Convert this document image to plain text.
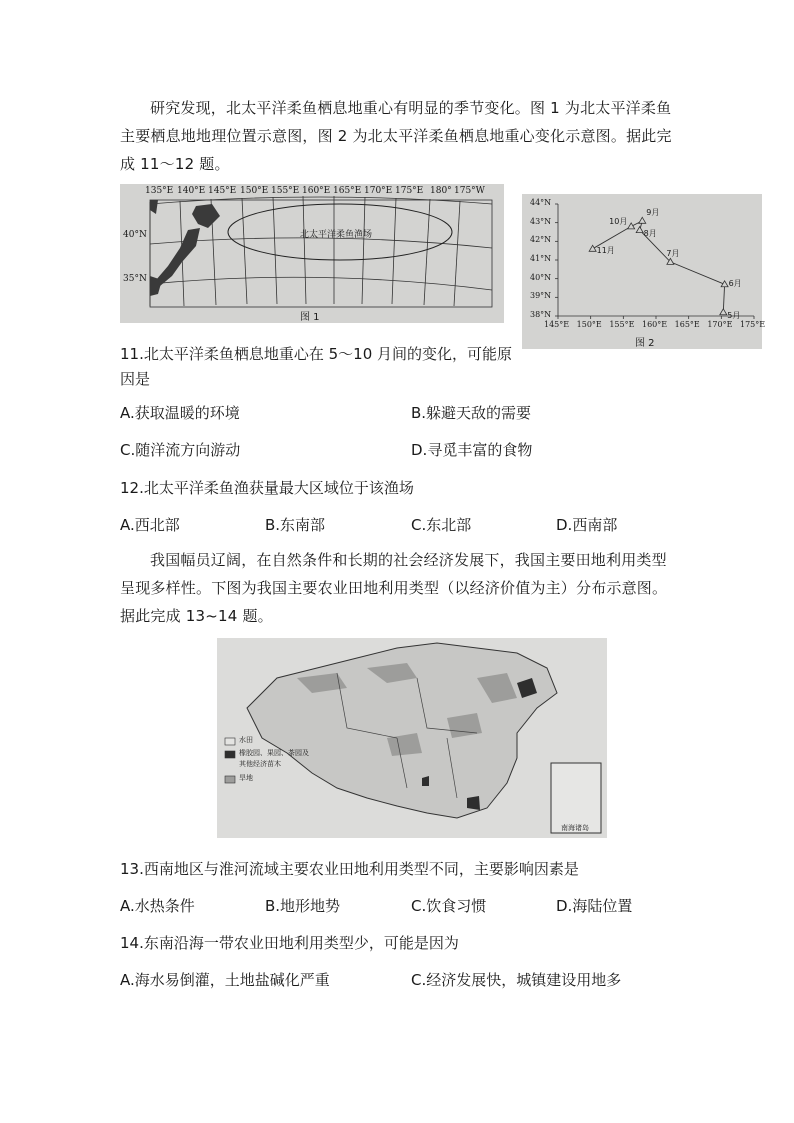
研究发现，北太平洋柔鱼栖息地重心有明显的季节变化。图 1 为北太平洋柔鱼主要栖息地地理位置示意图，图 2 为北太平洋柔鱼栖息地重心变化示意图。据此完成 11～12 题。

135°E 140°E 145°E 150°E 155°E 160°E 165°E 170°E 175°E 180° 175°W
40°N
35°N
北太平洋柔鱼渔场
图 1
图 2
44°N
43°N
42°N
41°N
40°N
39°N
38°N
145°E 150°E 155°E 160°E 165°E 170°E 175°E
5月
6月
7月
8月
9月
10月
11月

11.北太平洋柔鱼栖息地重心在 5～10 月间的变化，可能原因是

A.获取温暖的环境	B.躲避天敌的需要
C.随洋流方向游动	D.寻觅丰富的食物

12.北太平洋柔鱼渔获量最大区域位于该渔场

A.西北部	B.东南部	C.东北部	D.西南部

我国幅员辽阔，在自然条件和长期的社会经济发展下，我国主要田地利用类型呈现多样性。下图为我国主要农业田地利用类型（以经济价值为主）分布示意图。据此完成 13~14 题。

水田
橡胶园、果园、茶园及
其他经济苗木
旱地
南海诸岛

13.西南地区与淮河流域主要农业田地利用类型不同，主要影响因素是

A.水热条件	B.地形地势	C.饮食习惯	D.海陆位置

14.东南沿海一带农业田地利用类型少，可能是因为

A.海水易倒灌，土地盐碱化严重	C.经济发展快，城镇建设用地多
